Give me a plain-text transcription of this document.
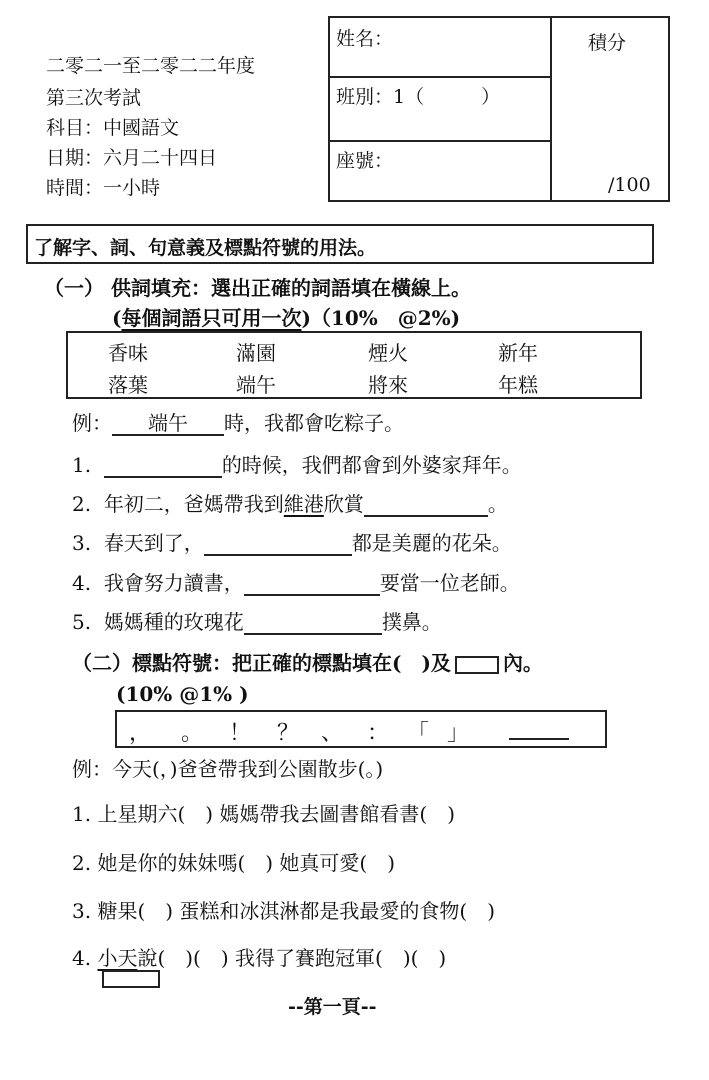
二零二一至二零二二年度
第三次考試
科目：中國語文
日期：六月二十四日
時間：一小時
姓名：
班別：1（　　　）
座號：
積分
/100
了解字、詞、句意義及標點符號的用法。
（一） 供詞填充：選出正確的詞語填在橫線上。
(每個詞語只可用一次)（10%　@2%)
香味	滿園	煙火	新年
落葉	端午	將來	年糕
例： 端午 時，我都會吃粽子。
1.	的時候，我們都會到外婆家拜年。
2. 年初二，爸媽帶我到維港欣賞	。
3. 春天到了，	都是美麗的花朵。
4. 我會努力讀書，	要當一位老師。
5. 媽媽種的玫瑰花	撲鼻。
（二）標點符號：把正確的標點填在(　)及	內。
(10% @1% )
， 。 ！ ？ 、 ： 「 」
例：今天(，)爸爸帶我到公園散步(。)
1. 上星期六(　) 媽媽帶我去圖書館看書(　)
2. 她是你的妹妹嗎(　) 她真可愛(　)
3. 糖果(　) 蛋糕和冰淇淋都是我最愛的食物(　)
4. 小天說(　)(　) 我得了賽跑冠軍(　)(　)
--第一頁--
